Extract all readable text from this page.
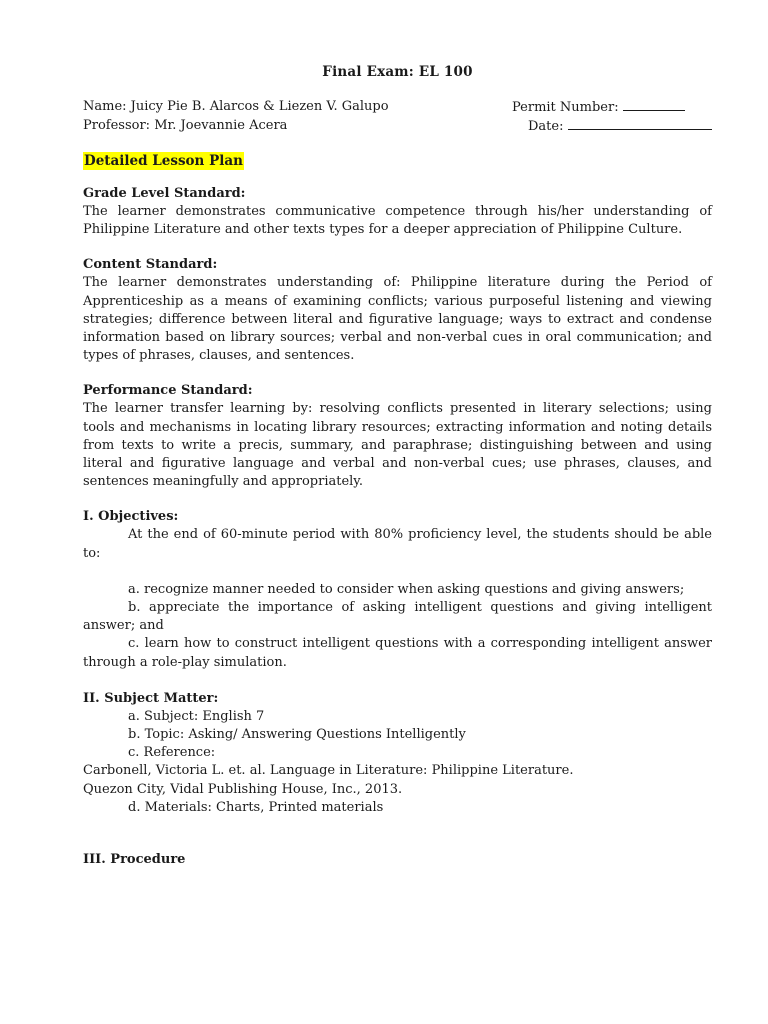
Final Exam: EL 100
Name: Juicy Pie B. Alarcos & Liezen V. Galupo	Permit Number:
Professor: Mr. Joevannie Acera	Date:
Detailed Lesson Plan
Grade Level Standard:

The learner demonstrates communicative competence through his/her understanding of Philippine Literature and other texts types for a deeper appreciation of Philippine Culture.

Content Standard:

The learner demonstrates understanding of: Philippine literature during the Period of Apprenticeship as a means of examining conflicts; various purposeful listening and viewing strategies; difference between literal and figurative language; ways to extract and condense information based on library sources; verbal and non-verbal cues in oral communication; and types of phrases, clauses, and sentences.

Performance Standard:

The learner transfer learning by: resolving conflicts presented in literary selections; using tools and mechanisms in locating library resources; extracting information and noting details from texts to write a precis, summary, and paraphrase; distinguishing between and using literal and figurative language and verbal and non-verbal cues; use phrases, clauses, and sentences meaningfully and appropriately.

I. Objectives:

At the end of 60-minute period with 80% proficiency level, the students should be able to:

a. recognize manner needed to consider when asking questions and giving answers;
b. appreciate the importance of asking intelligent questions and giving intelligent answer; and
c. learn how to construct intelligent questions with a corresponding intelligent answer through a role-play simulation.
II. Subject Matter:
a. Subject: English 7
b. Topic: Asking/ Answering Questions Intelligently
c. Reference:
Carbonell, Victoria L. et. al. Language in Literature: Philippine Literature.
Quezon City, Vidal Publishing House, Inc., 2013.
d. Materials: Charts, Printed materials
III. Procedure
